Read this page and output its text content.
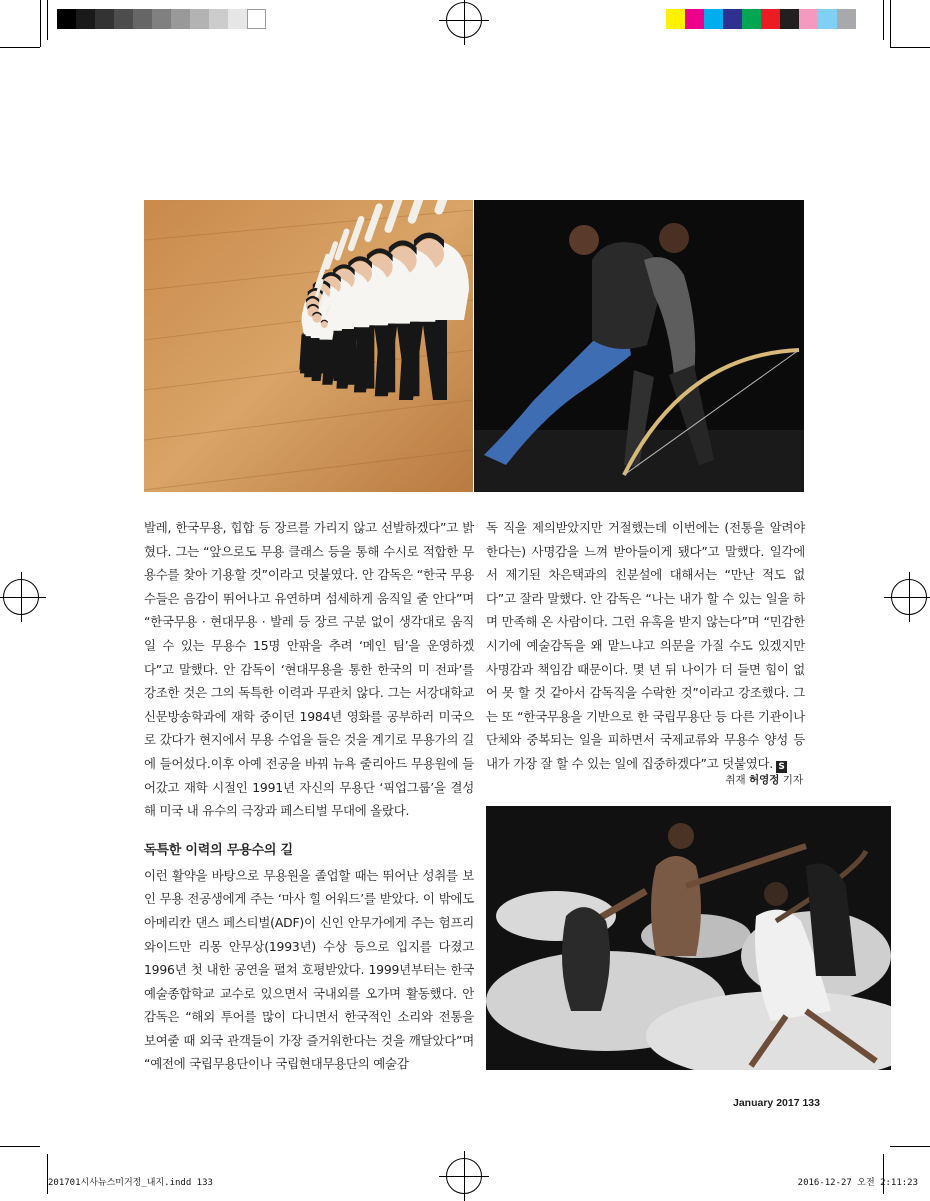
발레, 한국무용, 힙합 등 장르를 가리지 않고 선발하겠다”고 밝혔다. 그는 “앞으로도 무용 클래스 등을 통해 수시로 적합한 무용수를 찾아 기용할 것”이라고 덧붙였다. 안 감독은 “한국 무용수들은 음감이 뛰어나고 유연하며 섬세하게 움직일 줄 안다”며 “한국무용 · 현대무용 · 발레 등 장르 구분 없이 생각대로 움직일 수 있는 무용수 15명 안팎을 추려 ‘메인 팀’을 운영하겠다”고 말했다. 안 감독이 ‘현대무용을 통한 한국의 미 전파’를 강조한 것은 그의 독특한 이력과 무관치 않다. 그는 서강대학교 신문방송학과에 재학 중이던 1984년 영화를 공부하러 미국으로 갔다가 현지에서 무용 수업을 들은 것을 계기로 무용가의 길에 들어섰다.이후 아예 전공을 바꿔 뉴욕 줄리아드 무용원에 들어갔고 재학 시절인 1991년 자신의 무용단 ‘픽업그룹’을 결성해 미국 내 유수의 극장과 페스티벌 무대에 올랐다.

독특한 이력의 무용수의 길

이런 활약을 바탕으로 무용원을 졸업할 때는 뛰어난 성취를 보인 무용 전공생에게 주는 ‘마사 힐 어워드’를 받았다. 이 밖에도 아메리칸 댄스 페스티벌(ADF)이 신인 안무가에게 주는 험프리 와이드만 리몽 안무상(1993년) 수상 등으로 입지를 다졌고 1996년 첫 내한 공연을 펼쳐 호평받았다. 1999년부터는 한국예술종합학교 교수로 있으면서 국내외를 오가며 활동했다. 안 감독은 “해외 투어를 많이 다니면서 한국적인 소리와 전통을 보여줄 때 외국 관객들이 가장 즐거워한다는 것을 깨달았다”며 “예전에 국립무용단이나 국립현대무용단의 예술감

독 직을 제의받았지만 거절했는데 이번에는 (전통을 알려야 한다는) 사명감을 느껴 받아들이게 됐다”고 말했다. 일각에서 제기된 차은택과의 친분설에 대해서는 “만난 적도 없다”고 잘라 말했다. 안 감독은 “나는 내가 할 수 있는 일을 하며 만족해 온 사람이다. 그런 유혹을 받지 않는다”며 “민감한 시기에 예술감독을 왜 맡느냐고 의문을 가질 수도 있겠지만 사명감과 책임감 때문이다. 몇 년 뒤 나이가 더 들면 힘이 없어 못 할 것 같아서 감독직을 수락한 것”이라고 강조했다. 그는 또 “한국무용을 기반으로 한 국립무용단 등 다른 기관이나 단체와 중복되는 일을 피하면서 국제교류와 무용수 양성 등 내가 가장 잘 할 수 있는 일에 집중하겠다”고 덧붙였다. S

취재 허영정 기자
January 2017 133
201701시사뉴스미거정_내지.indd 133	2016-12-27 오전 2:11:23
